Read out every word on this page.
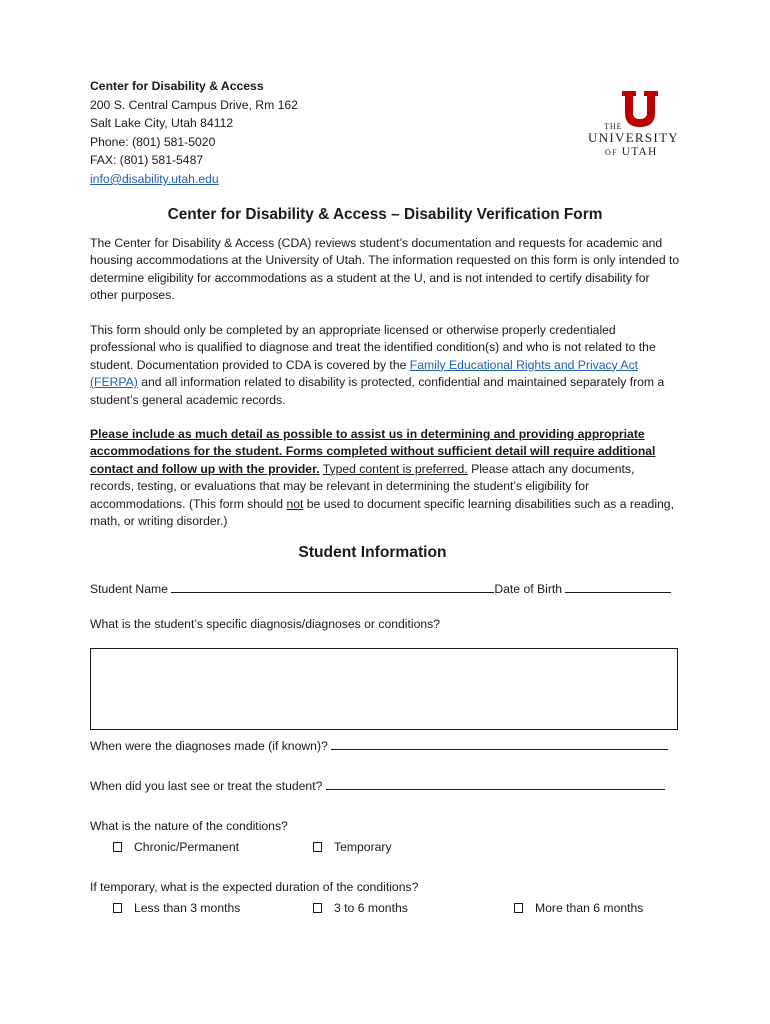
Center for Disability & Access
200 S. Central Campus Drive, Rm 162
Salt Lake City, Utah 84112
Phone: (801) 581-5020
FAX: (801) 581-5487
info@disability.utah.edu
THE
UNIVERSITY
OF UTAH
Center for Disability & Access – Disability Verification Form

The Center for Disability & Access (CDA) reviews student’s documentation and requests for academic and housing accommodations at the University of Utah. The information requested on this form is only intended to determine eligibility for accommodations as a student at the U, and is not intended to certify disability for other purposes.

This form should only be completed by an appropriate licensed or otherwise properly credentialed professional who is qualified to diagnose and treat the identified condition(s) and who is not related to the student. Documentation provided to CDA is covered by the Family Educational Rights and Privacy Act (FERPA) and all information related to disability is protected, confidential and maintained separately from a student’s general academic records.

Please include as much detail as possible to assist us in determining and providing appropriate accommodations for the student. Forms completed without sufficient detail will require additional contact and follow up with the provider. Typed content is preferred. Please attach any documents, records, testing, or evaluations that may be relevant in determining the student’s eligibility for accommodations. (This form should not be used to document specific learning disabilities such as a reading, math, or writing disorder.)

Student Information
Student Name	Date of Birth
What is the student’s specific diagnosis/diagnoses or conditions?
When were the diagnoses made (if known)?
When did you last see or treat the student?
What is the nature of the conditions?
Chronic/Permanent	Temporary
If temporary, what is the expected duration of the conditions?
Less than 3 months	3 to 6 months	More than 6 months
